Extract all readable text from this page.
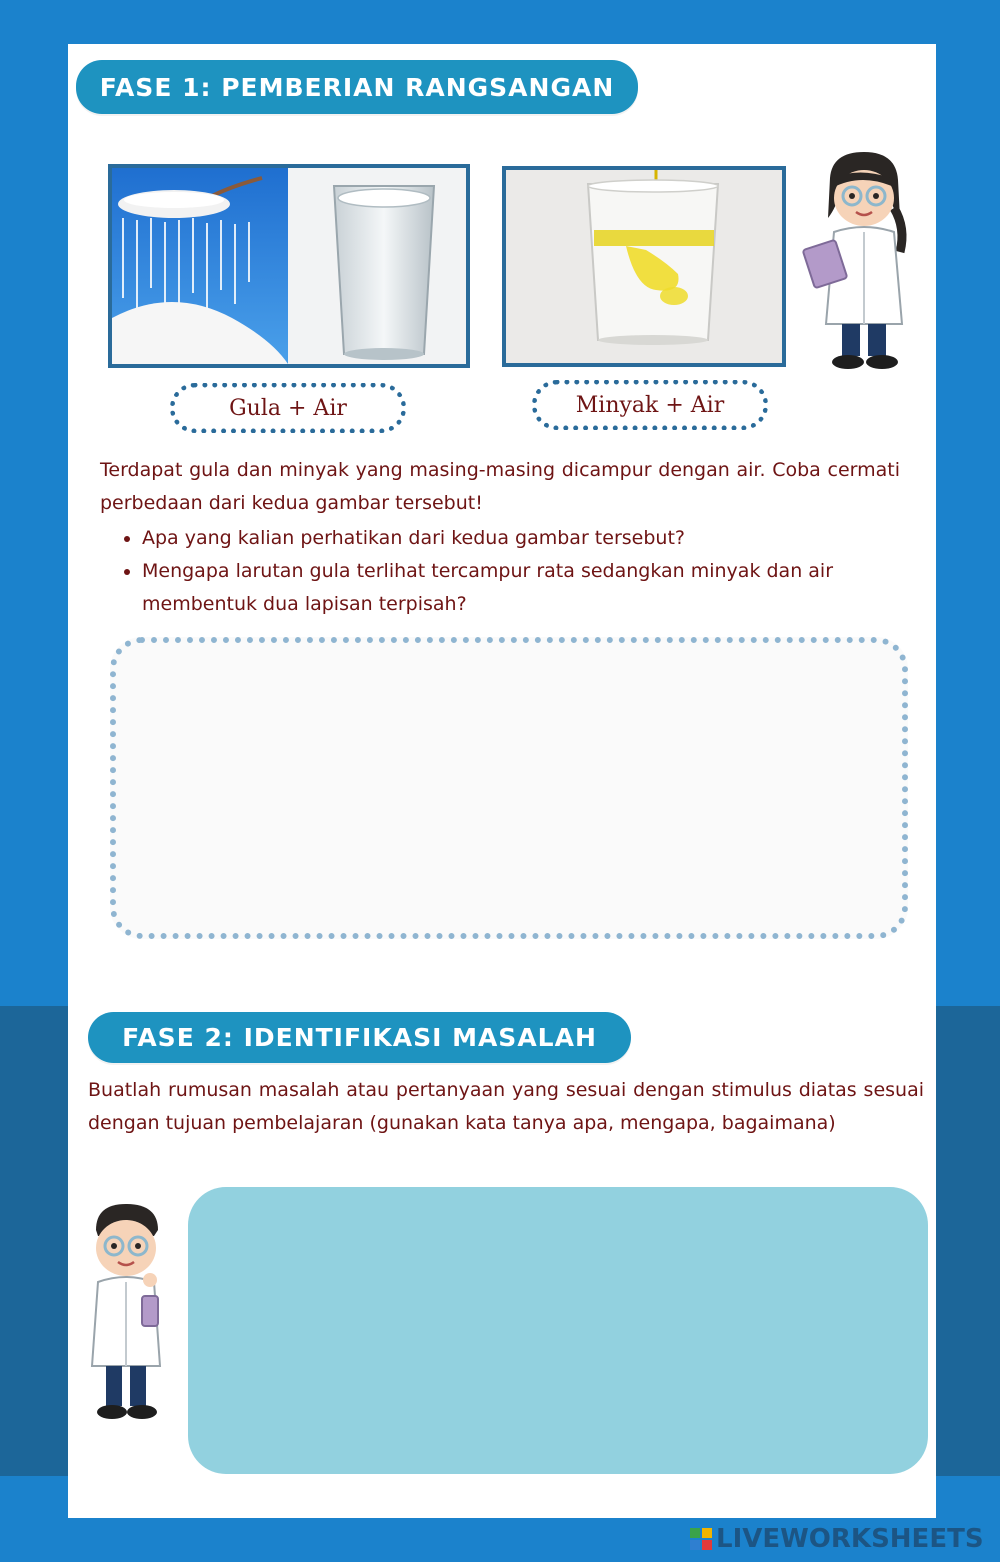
FASE 1: PEMBERIAN RANGSANGAN
Gula + Air	Minyak + Air
Terdapat gula dan minyak yang masing-masing dicampur dengan air. Coba cermati perbedaan dari kedua gambar tersebut!
• Apa yang kalian perhatikan dari kedua gambar tersebut?
• Mengapa larutan gula terlihat tercampur rata sedangkan minyak dan air membentuk dua lapisan terpisah?
FASE 2: IDENTIFIKASI MASALAH
Buatlah rumusan masalah atau pertanyaan yang sesuai dengan stimulus diatas sesuai dengan tujuan pembelajaran (gunakan kata tanya apa, mengapa, bagaimana)
LIVEWORKSHEETS
